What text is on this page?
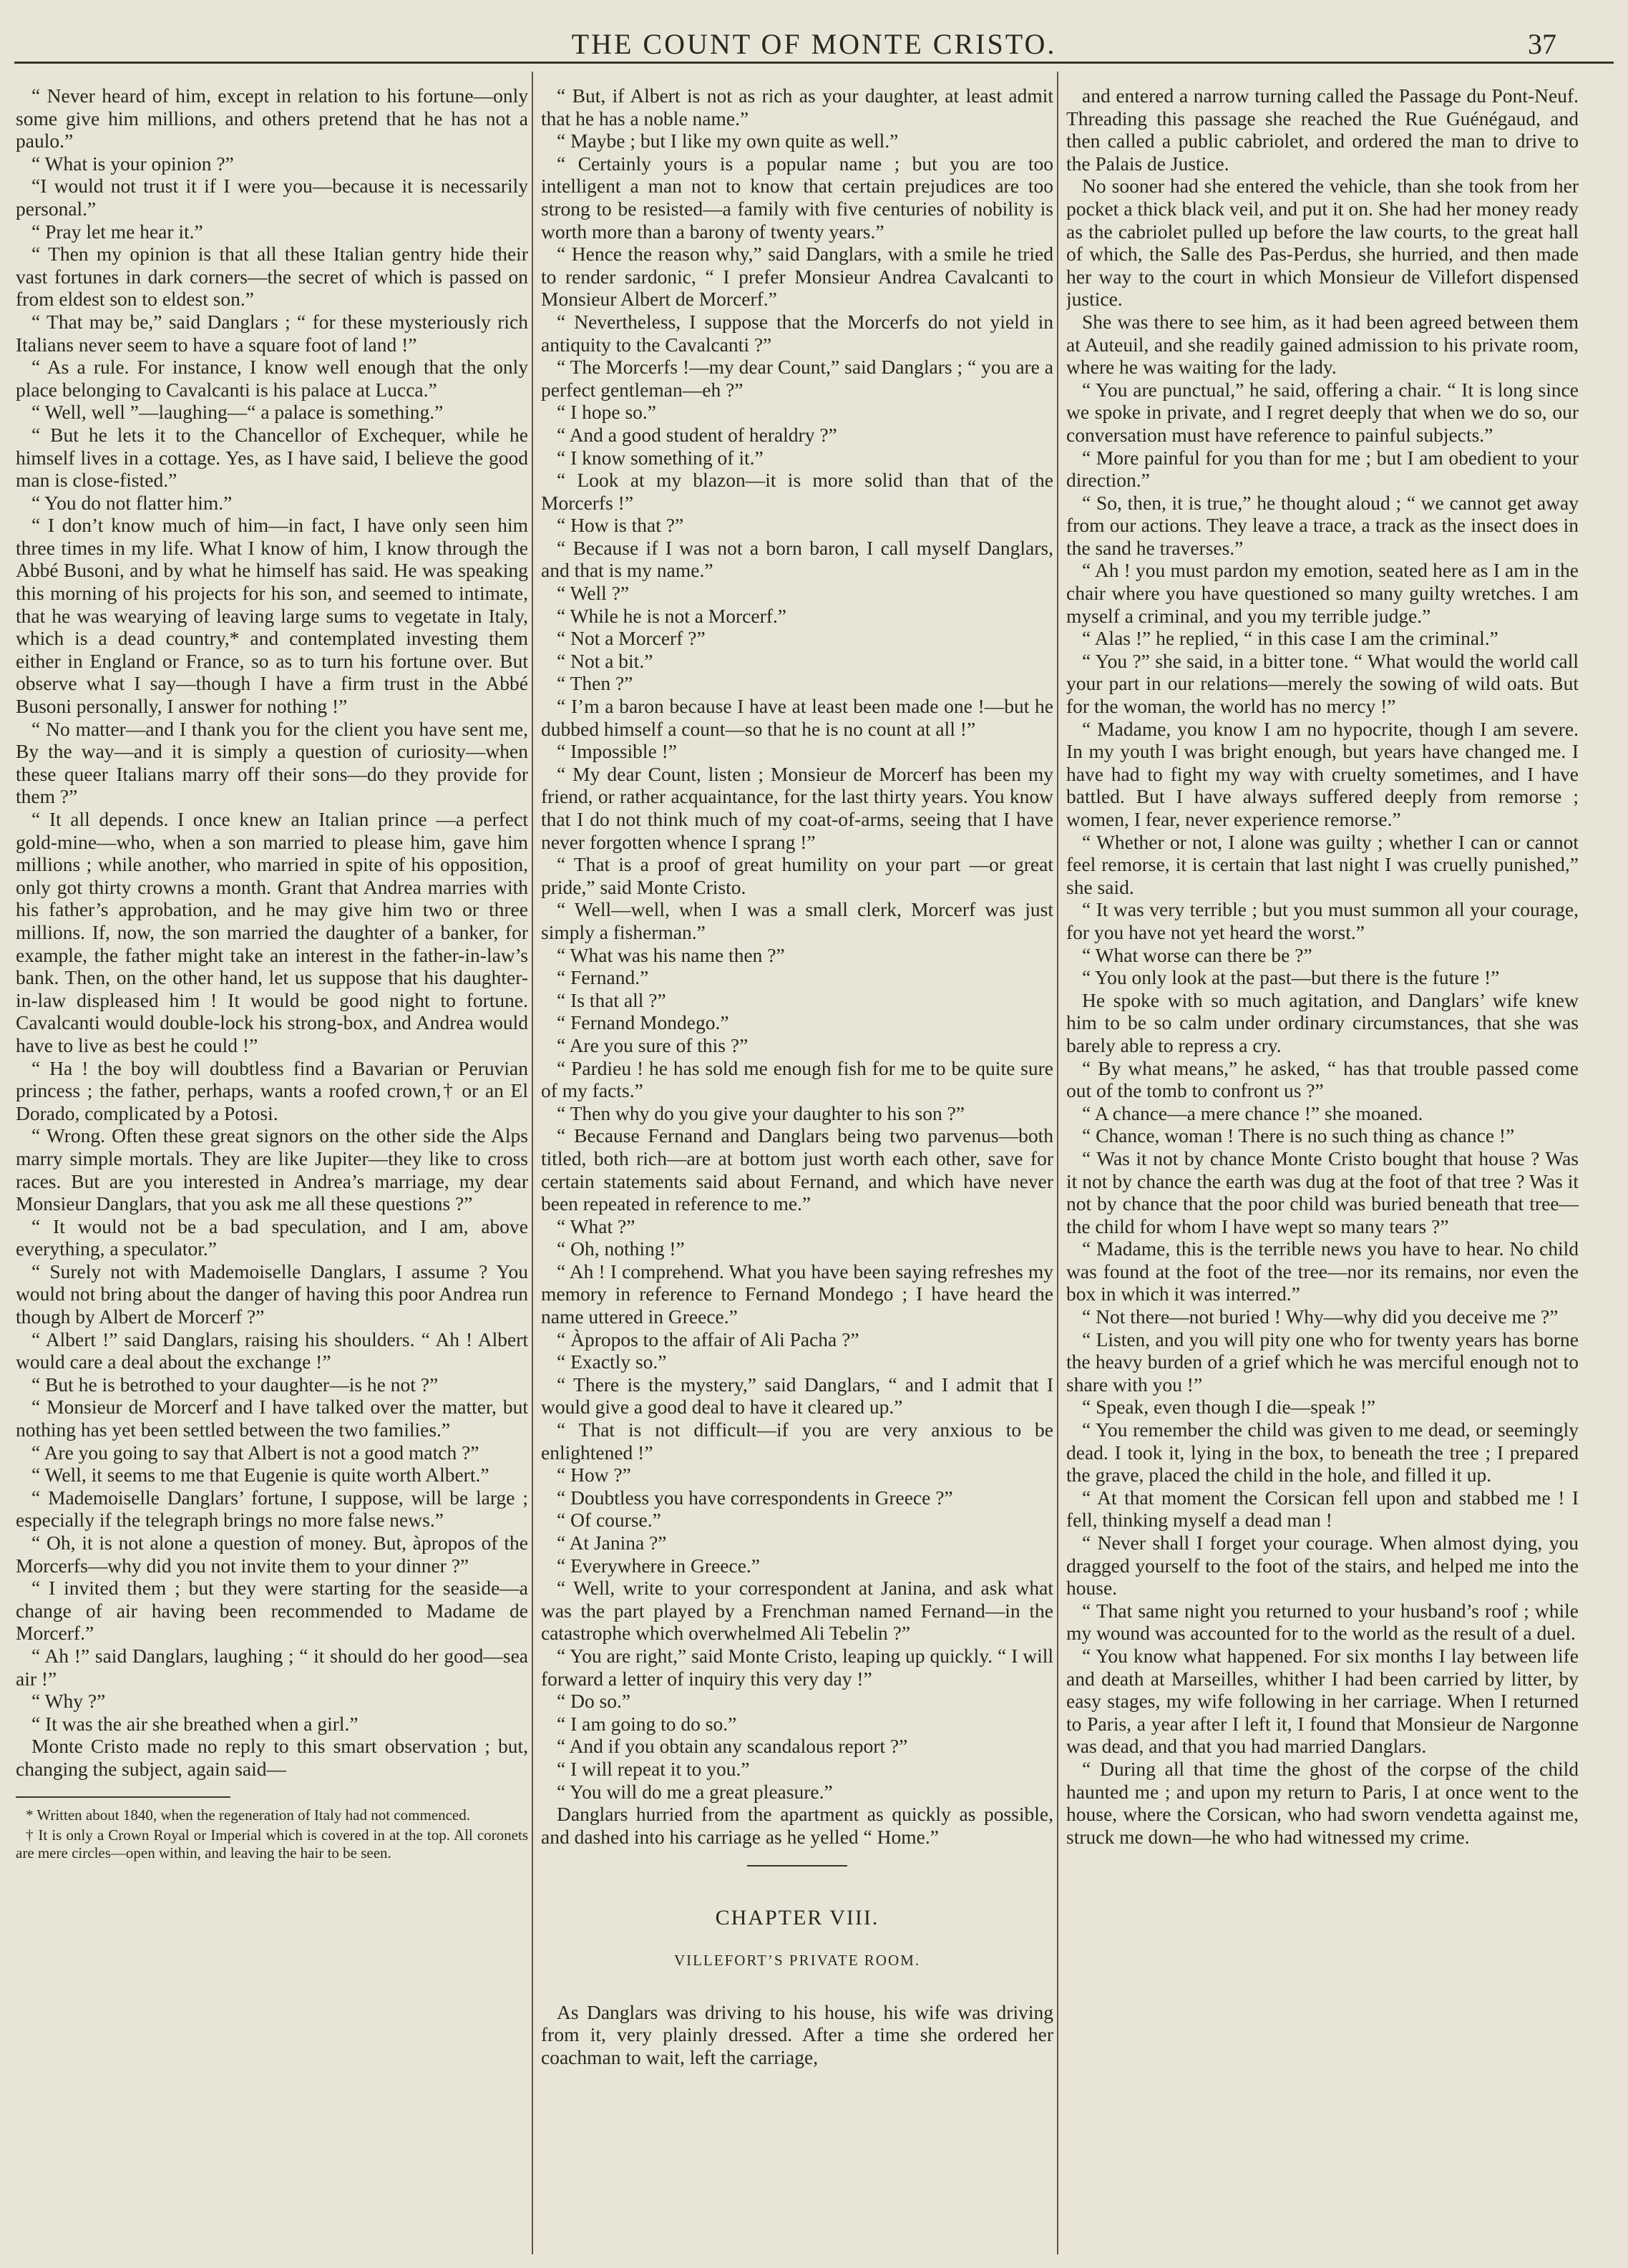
THE COUNT OF MONTE CRISTO.	37

“ Never heard of him, except in relation to his fortune—only some give him millions, and others pretend that he has not a paulo.”

“ What is your opinion ?”

“I would not trust it if I were you—because it is necessarily personal.”

“ Pray let me hear it.”

“ Then my opinion is that all these Italian gentry hide their vast fortunes in dark corners—the secret of which is passed on from eldest son to eldest son.”

“ That may be,” said Danglars ; “ for these mysteriously rich Italians never seem to have a square foot of land !”

“ As a rule. For instance, I know well enough that the only place belonging to Cavalcanti is his palace at Lucca.”

“ Well, well ”—laughing—“ a palace is something.”

“ But he lets it to the Chancellor of Exchequer, while he himself lives in a cottage. Yes, as I have said, I believe the good man is close-fisted.”

“ You do not flatter him.”

“ I don’t know much of him—in fact, I have only seen him three times in my life. What I know of him, I know through the Abbé Busoni, and by what he himself has said. He was speaking this morning of his projects for his son, and seemed to intimate, that he was wearying of leaving large sums to vegetate in Italy, which is a dead country,* and contemplated investing them either in England or France, so as to turn his fortune over. But observe what I say—though I have a firm trust in the Abbé Busoni personally, I answer for nothing !”

“ No matter—and I thank you for the client you have sent me, By the way—and it is simply a question of curiosity—when these queer Italians marry off their sons—do they provide for them ?”

“ It all depends. I once knew an Italian prince —a perfect gold-mine—who, when a son married to please him, gave him millions ; while another, who married in spite of his opposition, only got thirty crowns a month. Grant that Andrea marries with his father’s approbation, and he may give him two or three millions. If, now, the son married the daughter of a banker, for example, the father might take an interest in the father-in-law’s bank. Then, on the other hand, let us suppose that his daughter-in-law displeased him ! It would be good night to fortune. Cavalcanti would double-lock his strong-box, and Andrea would have to live as best he could !”

“ Ha ! the boy will doubtless find a Bavarian or Peruvian princess ; the father, perhaps, wants a roofed crown,† or an El Dorado, complicated by a Potosi.

“ Wrong. Often these great signors on the other side the Alps marry simple mortals. They are like Jupiter—they like to cross races. But are you interested in Andrea’s marriage, my dear Monsieur Danglars, that you ask me all these questions ?”

“ It would not be a bad speculation, and I am, above everything, a speculator.”

“ Surely not with Mademoiselle Danglars, I assume ? You would not bring about the danger of having this poor Andrea run though by Albert de Morcerf ?”

“ Albert !” said Danglars, raising his shoulders. “ Ah ! Albert would care a deal about the exchange !”

“ But he is betrothed to your daughter—is he not ?”

“ Monsieur de Morcerf and I have talked over the matter, but nothing has yet been settled between the two families.”

“ Are you going to say that Albert is not a good match ?”

“ Well, it seems to me that Eugenie is quite worth Albert.”

“ Mademoiselle Danglars’ fortune, I suppose, will be large ; especially if the telegraph brings no more false news.”

“ Oh, it is not alone a question of money. But, àpropos of the Morcerfs—why did you not invite them to your dinner ?”

“ I invited them ; but they were starting for the seaside—a change of air having been recommended to Madame de Morcerf.”

“ Ah !” said Danglars, laughing ; “ it should do her good—sea air !”

“ Why ?”

“ It was the air she breathed when a girl.”

Monte Cristo made no reply to this smart observation ; but, changing the subject, again said—

* Written about 1840, when the regeneration of Italy had not commenced.

† It is only a Crown Royal or Imperial which is covered in at the top. All coronets are mere circles—open within, and leaving the hair to be seen.

“ But, if Albert is not as rich as your daughter, at least admit that he has a noble name.”

“ Maybe ; but I like my own quite as well.”

“ Certainly yours is a popular name ; but you are too intelligent a man not to know that certain prejudices are too strong to be resisted—a family with five centuries of nobility is worth more than a barony of twenty years.”

“ Hence the reason why,” said Danglars, with a smile he tried to render sardonic, “ I prefer Monsieur Andrea Cavalcanti to Monsieur Albert de Morcerf.”

“ Nevertheless, I suppose that the Morcerfs do not yield in antiquity to the Cavalcanti ?”

“ The Morcerfs !—my dear Count,” said Danglars ; “ you are a perfect gentleman—eh ?”

“ I hope so.”

“ And a good student of heraldry ?”

“ I know something of it.”

“ Look at my blazon—it is more solid than that of the Morcerfs !”

“ How is that ?”

“ Because if I was not a born baron, I call myself Danglars, and that is my name.”

“ Well ?”

“ While he is not a Morcerf.”

“ Not a Morcerf ?”

“ Not a bit.”

“ Then ?”

“ I’m a baron because I have at least been made one !—but he dubbed himself a count—so that he is no count at all !”

“ Impossible !”

“ My dear Count, listen ; Monsieur de Morcerf has been my friend, or rather acquaintance, for the last thirty years. You know that I do not think much of my coat-of-arms, seeing that I have never forgotten whence I sprang !”

“ That is a proof of great humility on your part —or great pride,” said Monte Cristo.

“ Well—well, when I was a small clerk, Morcerf was just simply a fisherman.”

“ What was his name then ?”

“ Fernand.”

“ Is that all ?”

“ Fernand Mondego.”

“ Are you sure of this ?”

“ Pardieu ! he has sold me enough fish for me to be quite sure of my facts.”

“ Then why do you give your daughter to his son ?”

“ Because Fernand and Danglars being two parvenus—both titled, both rich—are at bottom just worth each other, save for certain statements said about Fernand, and which have never been repeated in reference to me.”

“ What ?”

“ Oh, nothing !”

“ Ah ! I comprehend. What you have been saying refreshes my memory in reference to Fernand Mondego ; I have heard the name uttered in Greece.”

“ Àpropos to the affair of Ali Pacha ?”

“ Exactly so.”

“ There is the mystery,” said Danglars, “ and I admit that I would give a good deal to have it cleared up.”

“ That is not difficult—if you are very anxious to be enlightened !”

“ How ?”

“ Doubtless you have correspondents in Greece ?”

“ Of course.”

“ At Janina ?”

“ Everywhere in Greece.”

“ Well, write to your correspondent at Janina, and ask what was the part played by a Frenchman named Fernand—in the catastrophe which overwhelmed Ali Tebelin ?”

“ You are right,” said Monte Cristo, leaping up quickly. “ I will forward a letter of inquiry this very day !”

“ Do so.”

“ I am going to do so.”

“ And if you obtain any scandalous report ?”

“ I will repeat it to you.”

“ You will do me a great pleasure.”

Danglars hurried from the apartment as quickly as possible, and dashed into his carriage as he yelled “ Home.”

CHAPTER VIII.
VILLEFORT’S PRIVATE ROOM.

As Danglars was driving to his house, his wife was driving from it, very plainly dressed. After a time she ordered her coachman to wait, left the carriage,

and entered a narrow turning called the Passage du Pont-Neuf. Threading this passage she reached the Rue Guénégaud, and then called a public cabriolet, and ordered the man to drive to the Palais de Justice.

No sooner had she entered the vehicle, than she took from her pocket a thick black veil, and put it on. She had her money ready as the cabriolet pulled up before the law courts, to the great hall of which, the Salle des Pas-Perdus, she hurried, and then made her way to the court in which Monsieur de Villefort dispensed justice.

She was there to see him, as it had been agreed between them at Auteuil, and she readily gained admission to his private room, where he was waiting for the lady.

“ You are punctual,” he said, offering a chair. “ It is long since we spoke in private, and I regret deeply that when we do so, our conversation must have reference to painful subjects.”

“ More painful for you than for me ; but I am obedient to your direction.”

“ So, then, it is true,” he thought aloud ; “ we cannot get away from our actions. They leave a trace, a track as the insect does in the sand he traverses.”

“ Ah ! you must pardon my emotion, seated here as I am in the chair where you have questioned so many guilty wretches. I am myself a criminal, and you my terrible judge.”

“ Alas !” he replied, “ in this case I am the criminal.”

“ You ?” she said, in a bitter tone. “ What would the world call your part in our relations—merely the sowing of wild oats. But for the woman, the world has no mercy !”

“ Madame, you know I am no hypocrite, though I am severe. In my youth I was bright enough, but years have changed me. I have had to fight my way with cruelty sometimes, and I have battled. But I have always suffered deeply from remorse ; women, I fear, never experience remorse.”

“ Whether or not, I alone was guilty ; whether I can or cannot feel remorse, it is certain that last night I was cruelly punished,” she said.

“ It was very terrible ; but you must summon all your courage, for you have not yet heard the worst.”

“ What worse can there be ?”

“ You only look at the past—but there is the future !”

He spoke with so much agitation, and Danglars’ wife knew him to be so calm under ordinary circumstances, that she was barely able to repress a cry.

“ By what means,” he asked, “ has that trouble passed come out of the tomb to confront us ?”

“ A chance—a mere chance !” she moaned.

“ Chance, woman ! There is no such thing as chance !”

“ Was it not by chance Monte Cristo bought that house ? Was it not by chance the earth was dug at the foot of that tree ? Was it not by chance that the poor child was buried beneath that tree—the child for whom I have wept so many tears ?”

“ Madame, this is the terrible news you have to hear. No child was found at the foot of the tree—nor its remains, nor even the box in which it was interred.”

“ Not there—not buried ! Why—why did you deceive me ?”

“ Listen, and you will pity one who for twenty years has borne the heavy burden of a grief which he was merciful enough not to share with you !”

“ Speak, even though I die—speak !”

“ You remember the child was given to me dead, or seemingly dead. I took it, lying in the box, to beneath the tree ; I prepared the grave, placed the child in the hole, and filled it up.

“ At that moment the Corsican fell upon and stabbed me ! I fell, thinking myself a dead man !

“ Never shall I forget your courage. When almost dying, you dragged yourself to the foot of the stairs, and helped me into the house.

“ That same night you returned to your husband’s roof ; while my wound was accounted for to the world as the result of a duel.

“ You know what happened. For six months I lay between life and death at Marseilles, whither I had been carried by litter, by easy stages, my wife following in her carriage. When I returned to Paris, a year after I left it, I found that Monsieur de Nargonne was dead, and that you had married Danglars.

“ During all that time the ghost of the corpse of the child haunted me ; and upon my return to Paris, I at once went to the house, where the Corsican, who had sworn vendetta against me, struck me down—he who had witnessed my crime.
